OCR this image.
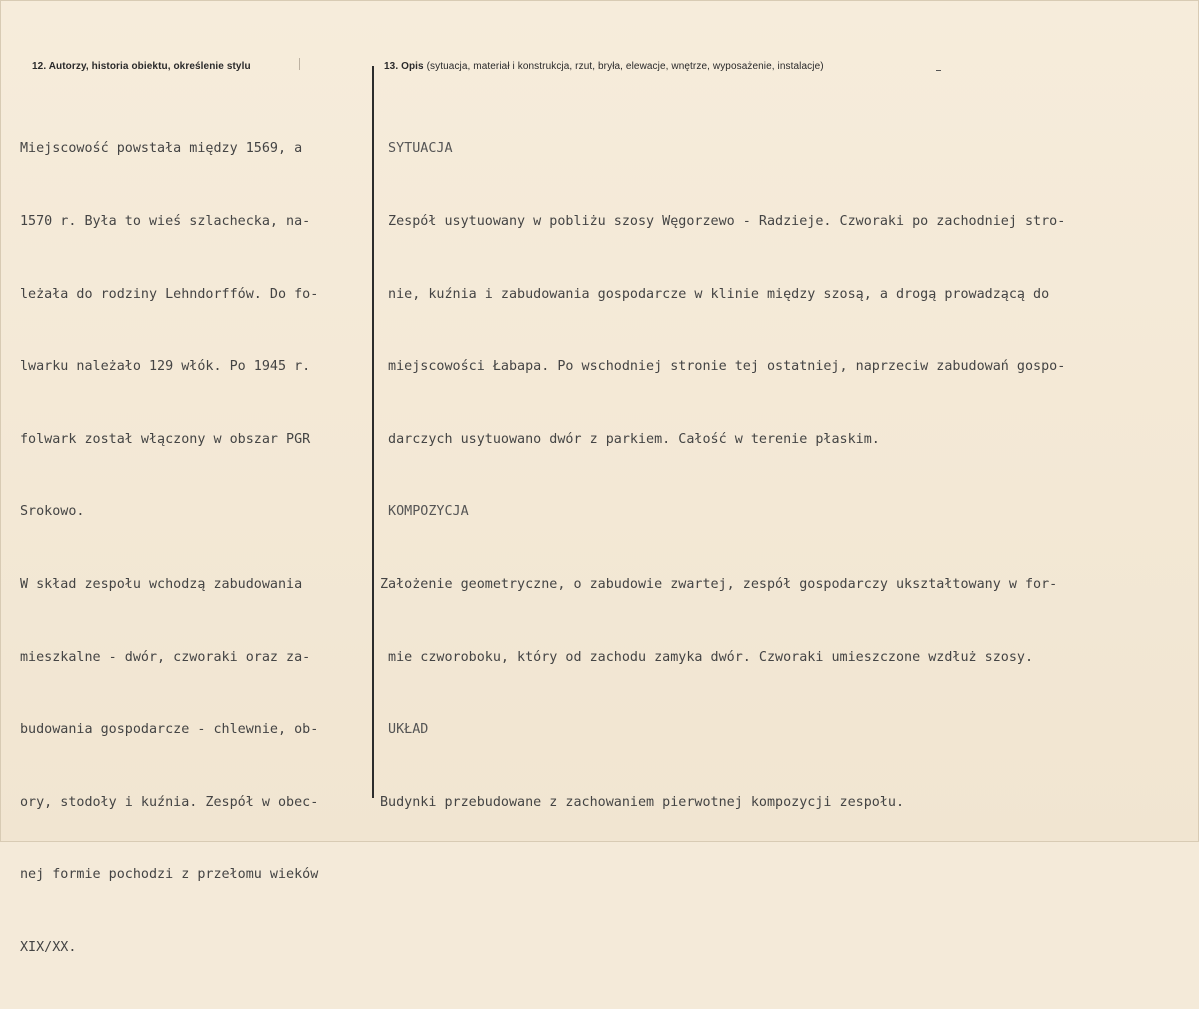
12. Autorzy, historia obiektu, określenie stylu	13. Opis (sytuacja, materiał i konstrukcja, rzut, bryła, elewacje, wnętrze, wyposażenie, instalacje)

Miejscowość powstała między 1569, a

1570 r. Była to wieś szlachecka, na-

leżała do rodziny Lehndorffów. Do fo-

lwarku należało 129 włók. Po 1945 r.

folwark został włączony w obszar PGR

Srokowo.

W skład zespołu wchodzą zabudowania

mieszkalne - dwór, czworaki oraz za-

budowania gospodarcze - chlewnie, ob-

ory, stodoły i kuźnia. Zespół w obec-

nej formie pochodzi z przełomu wieków

XIX/XX.

SYTUACJA

Zespół usytuowany w pobliżu szosy Węgorzewo - Radzieje. Czworaki po zachodniej stro-

nie, kuźnia i zabudowania gospodarcze w klinie między szosą, a drogą prowadzącą do

miejscowości Łabapa. Po wschodniej stronie tej ostatniej, naprzeciw zabudowań gospo-

darczych usytuowano dwór z parkiem. Całość w terenie płaskim.

KOMPOZYCJA

Założenie geometryczne, o zabudowie zwartej, zespół gospodarczy ukształtowany w for-

mie czworoboku, który od zachodu zamyka dwór. Czworaki umieszczone wzdłuż szosy.

UKŁAD

Budynki przebudowane z zachowaniem pierwotnej kompozycji zespołu.
